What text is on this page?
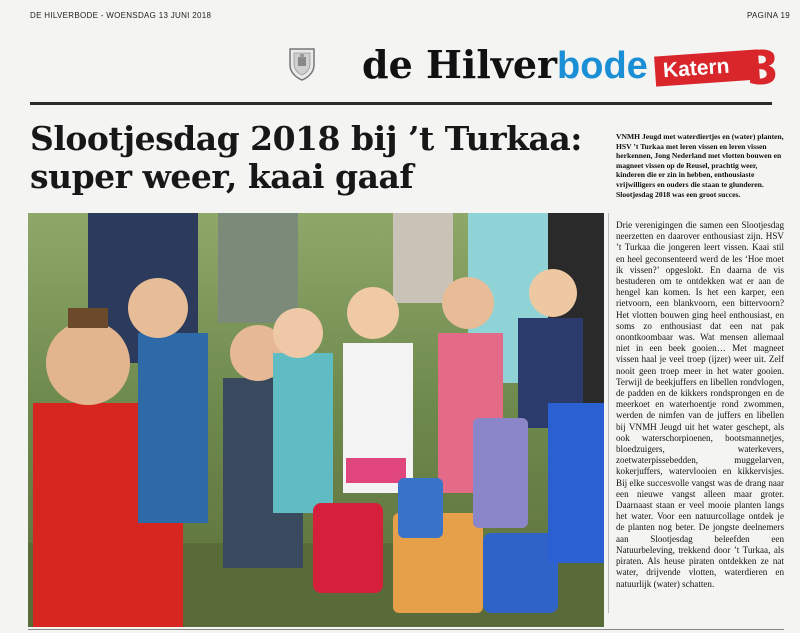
DE HILVERBODE - WOENSDAG 13 JUNI 2018	PAGINA 19
de Hilverbode Katern 3
Slootjesdag 2018 bij ’t Turkaa:
super weer, kaai gaaf
VNMH Jeugd met waterdiertjes en (water) planten, HSV ’t Turkaa met leren vissen en leren vissen herkennen, Jong Nederland met vlotten bouwen en magneet vissen op de Reusel, prachtig weer, kinderen die er zin in hebben, enthousiaste vrijwilligers en ouders die staan te glunderen. Slootjesdag 2018 was een groot succes.
Drie verenigingen die samen een Slootjesdag neerzetten en daarover enthousiast zijn. HSV ’t Turkaa die jongeren leert vissen. Kaai stil en heel geconsenteerd werd de les ‘Hoe moet ik vissen?’ opgeslokt. En daarna de vis bestuderen om te ontdekken wat er aan de hengel kan komen. Is het een karper, een rietvoorn, een blankvoorn, een bittervoorn? Het vlotten bouwen ging heel enthousiast, en soms zo enthousiast dat een nat pak onontkoombaar was. Wat mensen allemaal niet in een beek gooien… Met magneet vissen haal je veel troep (ijzer) weer uit. Zelf nooit geen troep meer in het water gooien. Terwijl de beekjuffers en libellen rondvlogen, de padden en de kikkers rondsprongen en de meerkoet en waterhoentje rond zwommen, werden de nimfen van de juffers en libellen bij VNMH Jeugd uit het water geschept, als ook waterschorpioenen, bootsmannetjes, bloedzuigers, waterkevers, zoetwaterpissebedden, muggelarven, kokerjuffers, watervlooien en kikkervisjes. Bij elke succesvolle vangst was de drang naar een nieuwe vangst alleen maar groter. Daarnaast staan er veel mooie planten langs het water. Voor een natuurcollage ontdek je de planten nog beter. De jongste deelnemers aan Slootjesdag beleefden een Natuurbeleving, trekkend door ’t Turkaa, als piraten. Als heuse piraten ontdekken ze nat water, drijvende vlotten, waterdieren en natuurlijk (water) schatten.
